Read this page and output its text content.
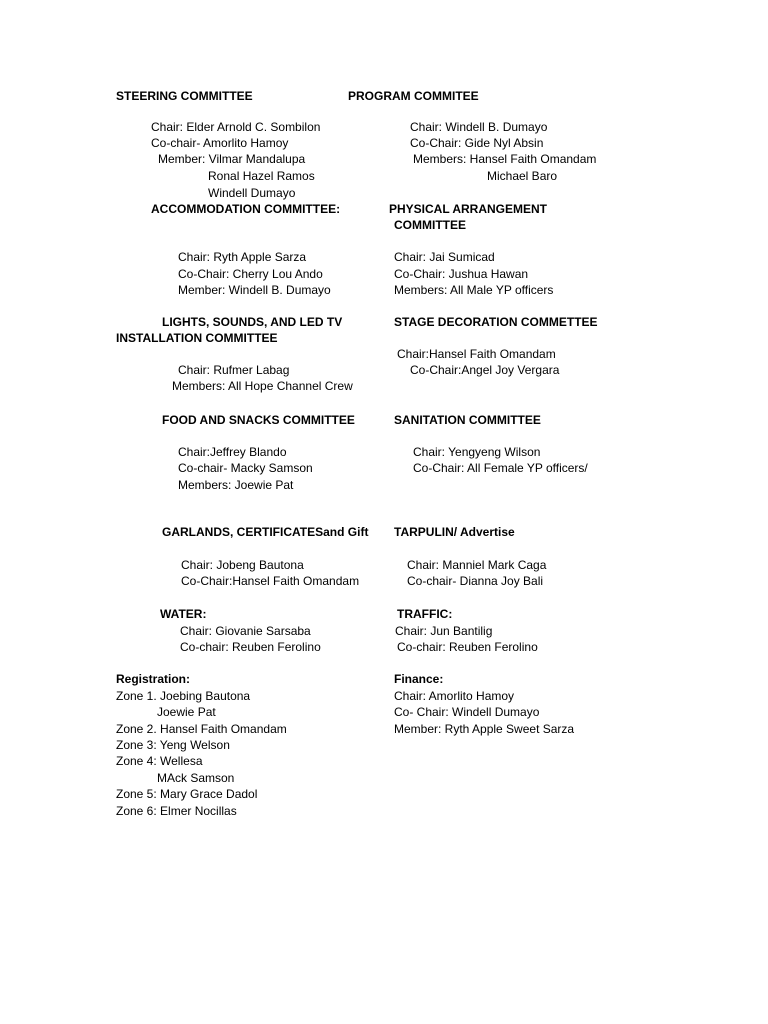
STEERING COMMITTEE	PROGRAM COMMITEE
Chair: Elder Arnold C. Sombilon
Co-chair- Amorlito Hamoy
Member: Vilmar Mandalupa
Ronal Hazel Ramos
Windell Dumayo
Chair: Windell B. Dumayo
Co-Chair: Gide Nyl Absin
Members: Hansel Faith Omandam
Michael Baro
ACCOMMODATION COMMITTEE:	PHYSICAL ARRANGEMENT
COMMITTEE
Chair: Ryth Apple Sarza
Co-Chair: Cherry Lou Ando
Member: Windell B. Dumayo
Chair: Jai Sumicad
Co-Chair: Jushua Hawan
Members: All Male YP officers
LIGHTS, SOUNDS, AND LED TV
INSTALLATION COMMITTEE
STAGE DECORATION COMMETTEE
Chair: Rufmer Labag
Members: All Hope Channel Crew
Chair:Hansel Faith Omandam
Co-Chair:Angel Joy Vergara
FOOD AND SNACKS COMMITTEE	SANITATION COMMITTEE
Chair:Jeffrey Blando
Co-chair- Macky Samson
Members: Joewie Pat
Chair: Yengyeng Wilson
Co-Chair: All Female YP officers/
GARLANDS, CERTIFICATESand Gift TARPULIN/ Advertise
Chair: Jobeng Bautona
Co-Chair:Hansel Faith Omandam
Chair: Manniel Mark Caga
Co-chair- Dianna Joy Bali
WATER:	TRAFFIC:
Chair: Giovanie Sarsaba
Co-chair: Reuben Ferolino
Chair: Jun Bantilig
Co-chair: Reuben Ferolino
Registration:
Zone 1. Joebing Bautona
Joewie Pat
Zone 2. Hansel Faith Omandam
Zone 3: Yeng Welson
Zone 4: Wellesa
MAck Samson
Zone 5: Mary Grace Dadol
Zone 6: Elmer Nocillas
Finance:
Chair: Amorlito Hamoy
Co- Chair: Windell Dumayo
Member: Ryth Apple Sweet Sarza
